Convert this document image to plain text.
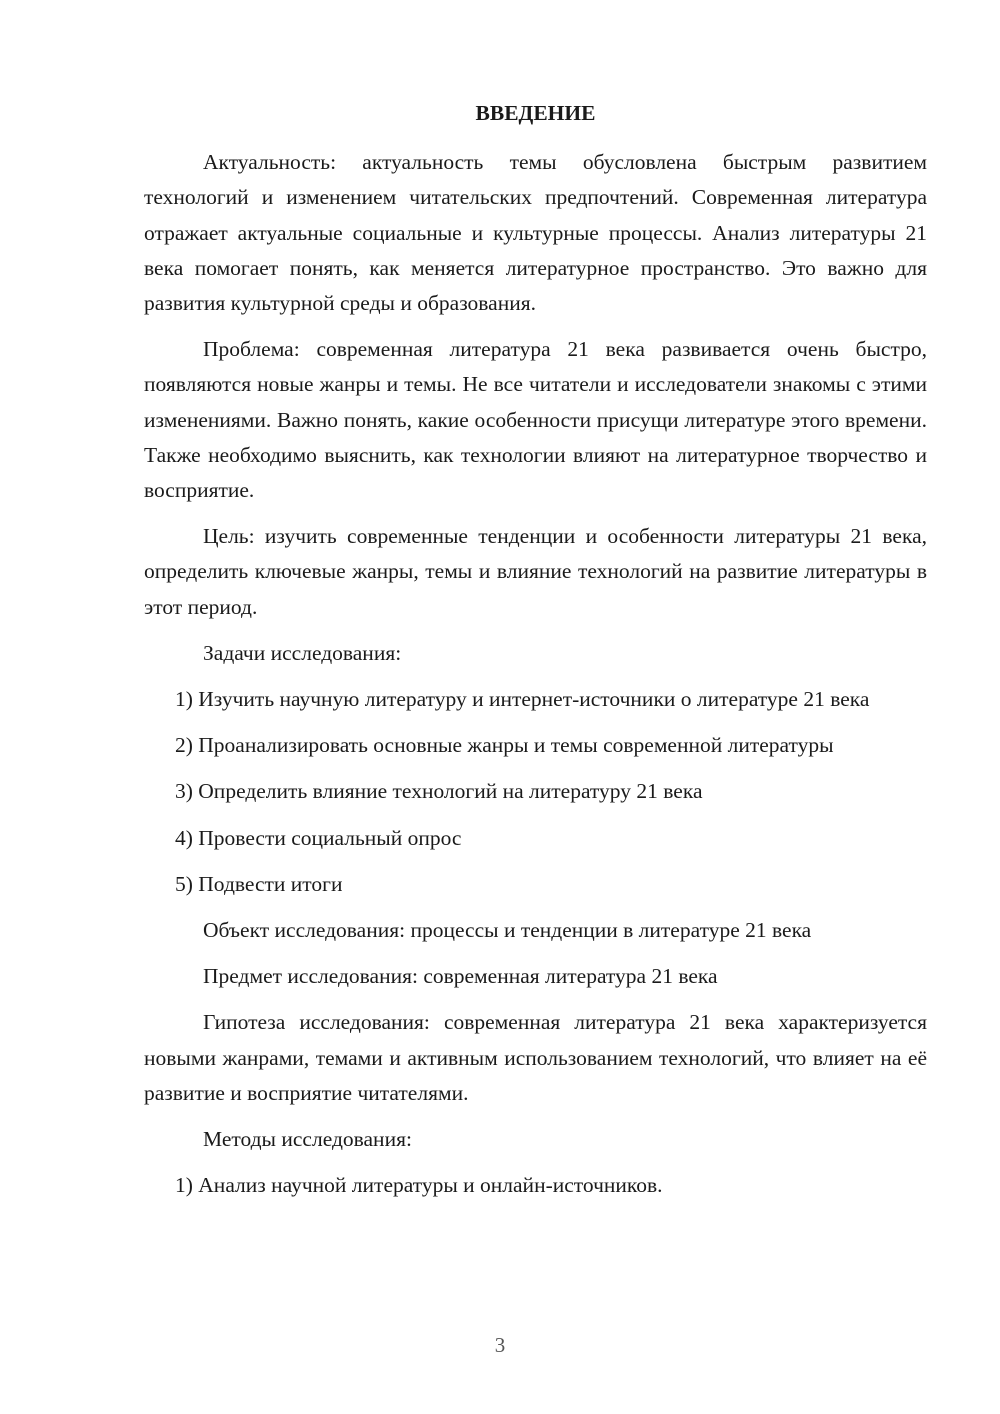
ВВЕДЕНИЕ

Актуальность: актуальность темы обусловлена быстрым развитием технологий и изменением читательских предпочтений. Современная литература отражает актуальные социальные и культурные процессы. Анализ литературы 21 века помогает понять, как меняется литературное пространство. Это важно для развития культурной среды и образования.

Проблема: современная литература 21 века развивается очень быстро, появляются новые жанры и темы. Не все читатели и исследователи знакомы с этими изменениями. Важно понять, какие особенности присущи литературе этого времени. Также необходимо выяснить, как технологии влияют на литературное творчество и восприятие.

Цель: изучить современные тенденции и особенности литературы 21 века, определить ключевые жанры, темы и влияние технологий на развитие литературы в этот период.

Задачи исследования:

1) Изучить научную литературу и интернет-источники о литературе 21 века

2) Проанализировать основные жанры и темы современной литературы

3) Определить влияние технологий на литературу 21 века

4) Провести социальный опрос

5) Подвести итоги

Объект исследования: процессы и тенденции в литературе 21 века

Предмет исследования: современная литература 21 века

Гипотеза исследования: современная литература 21 века характеризуется новыми жанрами, темами и активным использованием технологий, что влияет на её развитие и восприятие читателями.

Методы исследования:

1) Анализ научной литературы и онлайн-источников.

3
